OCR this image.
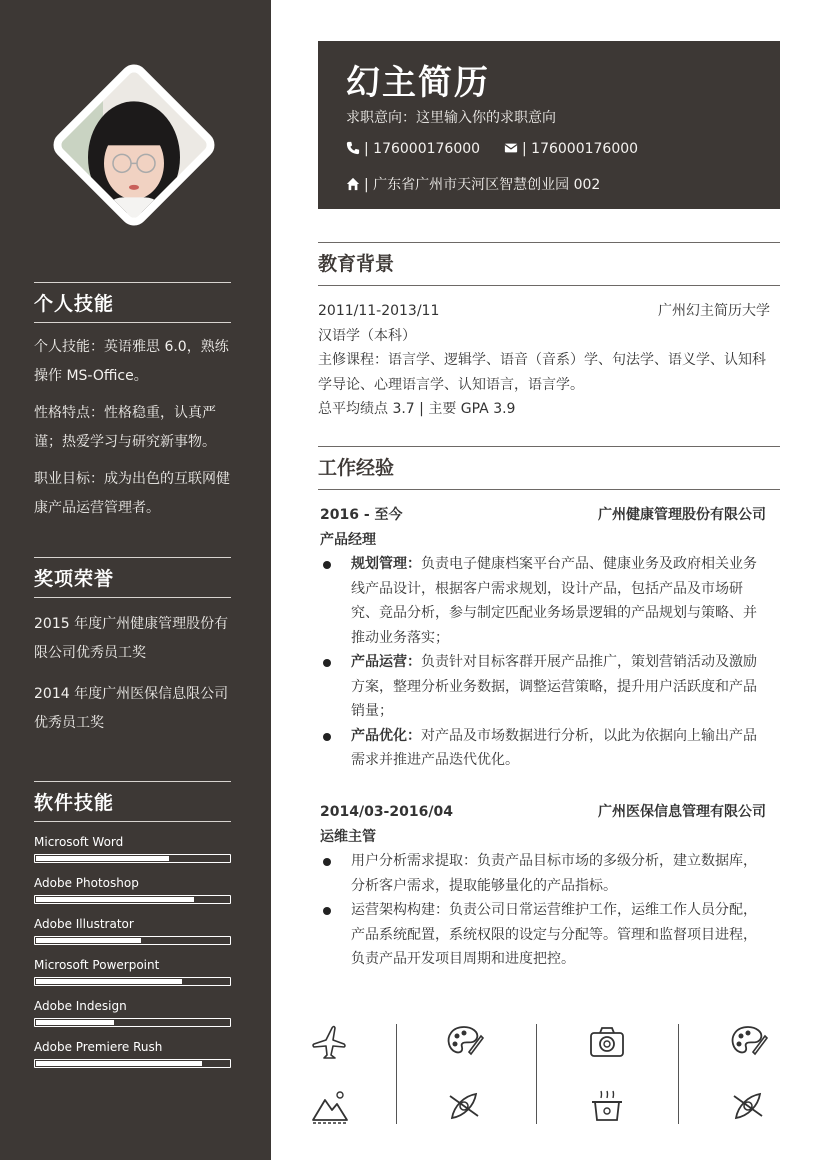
个人技能
个人技能：英语雅思 6.0，熟练操作 MS-Office。
性格特点：性格稳重，认真严谨；热爱学习与研究新事物。
职业目标：成为出色的互联网健康产品运营管理者。
奖项荣誉
2015 年度广州健康管理股份有限公司优秀员工奖
2014 年度广州医保信息限公司优秀员工奖
软件技能
Microsoft Word
Adobe Photoshop
Adobe Illustrator
Microsoft Powerpoint
Adobe Indesign
Adobe Premiere Rush
幻主简历
求职意向：这里输入你的求职意向
| 176000176000	| 176000176000
| 广东省广州市天河区智慧创业园 002
教育背景
2011/11-2013/11	广州幻主简历大学
汉语学（本科）
主修课程：语言学、逻辑学、语音（音系）学、句法学、语义学、认知科学导论、心理语言学、认知语言，语言学。
总平均绩点 3.7 | 主要 GPA 3.9
工作经验
2016 - 至今	广州健康管理股份有限公司
产品经理
规划管理：负责电子健康档案平台产品、健康业务及政府相关业务线产品设计，根据客户需求规划，设计产品，包括产品及市场研究、竞品分析，参与制定匹配业务场景逻辑的产品规划与策略、并推动业务落实；
产品运营：负责针对目标客群开展产品推广，策划营销活动及激励方案，整理分析业务数据，调整运营策略，提升用户活跃度和产品销量；
产品优化：对产品及市场数据进行分析，以此为依据向上输出产品需求并推进产品迭代优化。
2014/03-2016/04	广州医保信息管理有限公司
运维主管
用户分析需求提取：负责产品目标市场的多级分析，建立数据库，分析客户需求，提取能够量化的产品指标。
运营架构构建：负责公司日常运营维护工作，运维工作人员分配，产品系统配置，系统权限的设定与分配等。管理和监督项目进程，负责产品开发项目周期和进度把控。
